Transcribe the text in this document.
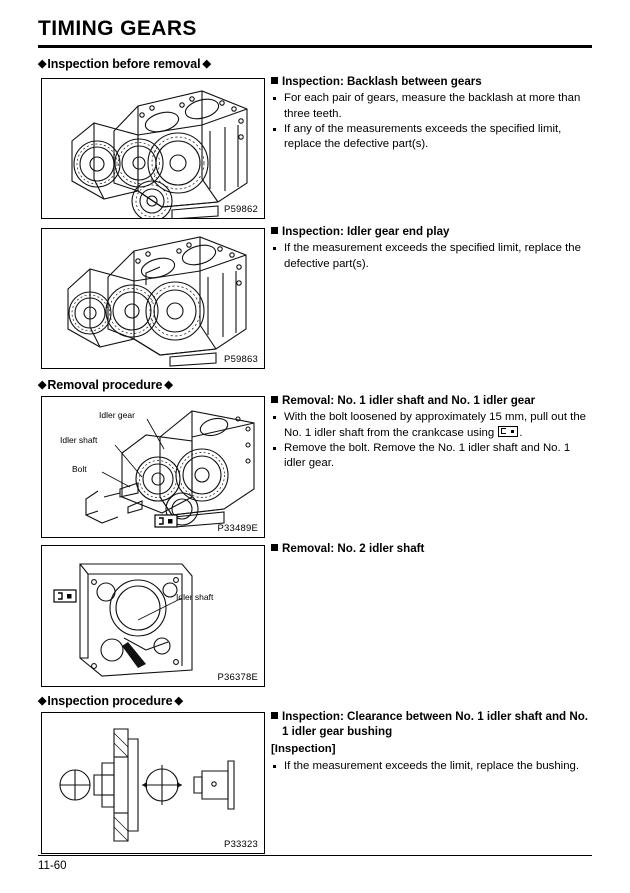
TIMING GEARS
◆Inspection before removal ◆
P59862
Inspection: Backlash between gears
For each pair of gears, measure the backlash at more than three teeth.
If any of the measurements exceeds the specified limit, replace the defective part(s).
P59863
Inspection: Idler gear end play
If the measurement exceeds the specified limit, replace the defective part(s).
◆Removal procedure ◆
Idler gear
Idler shaft
Bolt
P33489E
Removal: No. 1 idler shaft and No. 1 idler gear
With the bolt loosened by approximately 15 mm, pull out the No. 1 idler shaft from the crankcase using .
Remove the bolt. Remove the No. 1 idler shaft and No. 1 idler gear.
Idler shaft
P36378E
Removal: No. 2 idler shaft
◆Inspection procedure ◆
P33323
Inspection: Clearance between No. 1 idler shaft and No. 1 idler gear bushing
[Inspection]
If the measurement exceeds the limit, replace the bushing.
11-60
